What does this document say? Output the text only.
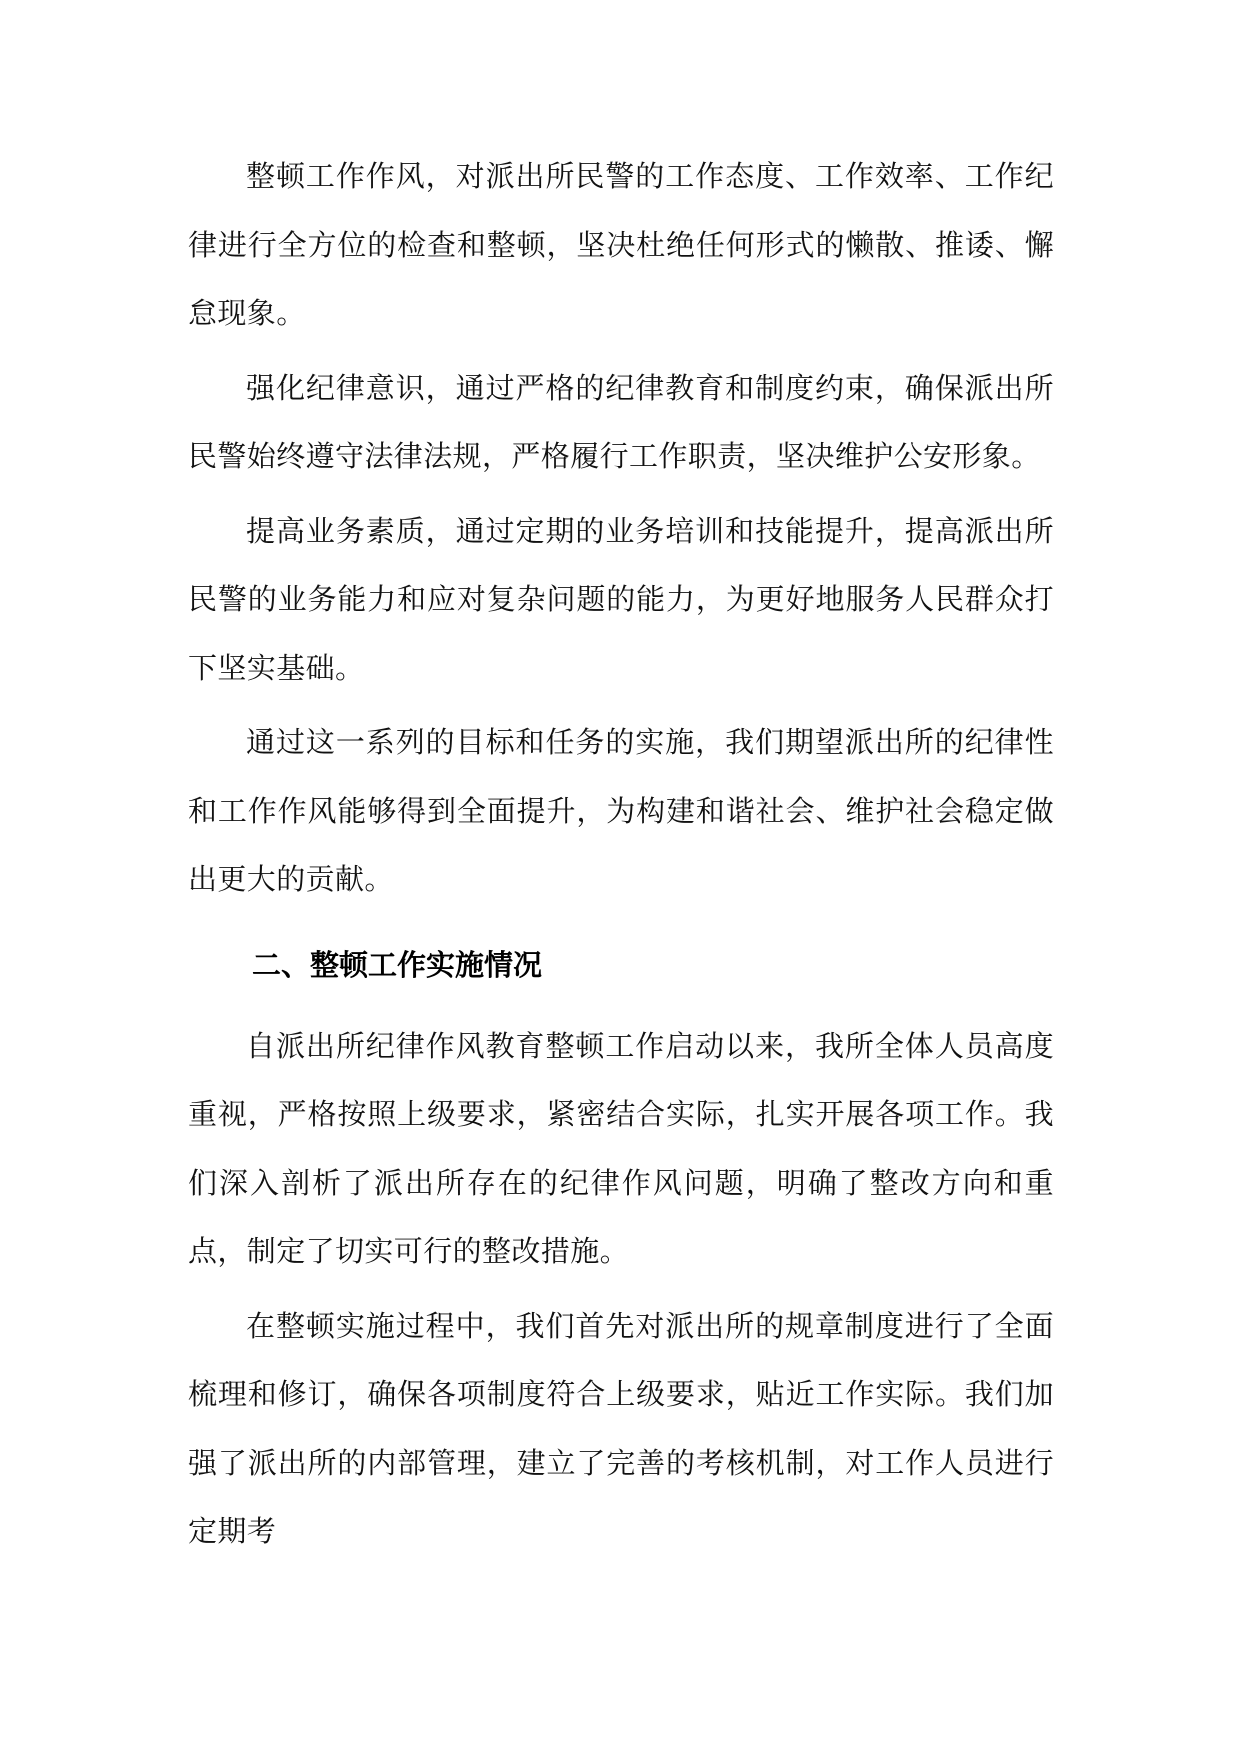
整顿工作作风，对派出所民警的工作态度、工作效率、工作纪律进行全方位的检查和整顿，坚决杜绝任何形式的懒散、推诿、懈怠现象。

强化纪律意识，通过严格的纪律教育和制度约束，确保派出所民警始终遵守法律法规，严格履行工作职责，坚决维护公安形象。

提高业务素质，通过定期的业务培训和技能提升，提高派出所民警的业务能力和应对复杂问题的能力，为更好地服务人民群众打下坚实基础。

通过这一系列的目标和任务的实施，我们期望派出所的纪律性和工作作风能够得到全面提升，为构建和谐社会、维护社会稳定做出更大的贡献。

二、整顿工作实施情况

自派出所纪律作风教育整顿工作启动以来，我所全体人员高度重视，严格按照上级要求，紧密结合实际，扎实开展各项工作。我们深入剖析了派出所存在的纪律作风问题，明确了整改方向和重点，制定了切实可行的整改措施。

在整顿实施过程中，我们首先对派出所的规章制度进行了全面梳理和修订，确保各项制度符合上级要求，贴近工作实际。我们加强了派出所的内部管理，建立了完善的考核机制，对工作人员进行定期考
